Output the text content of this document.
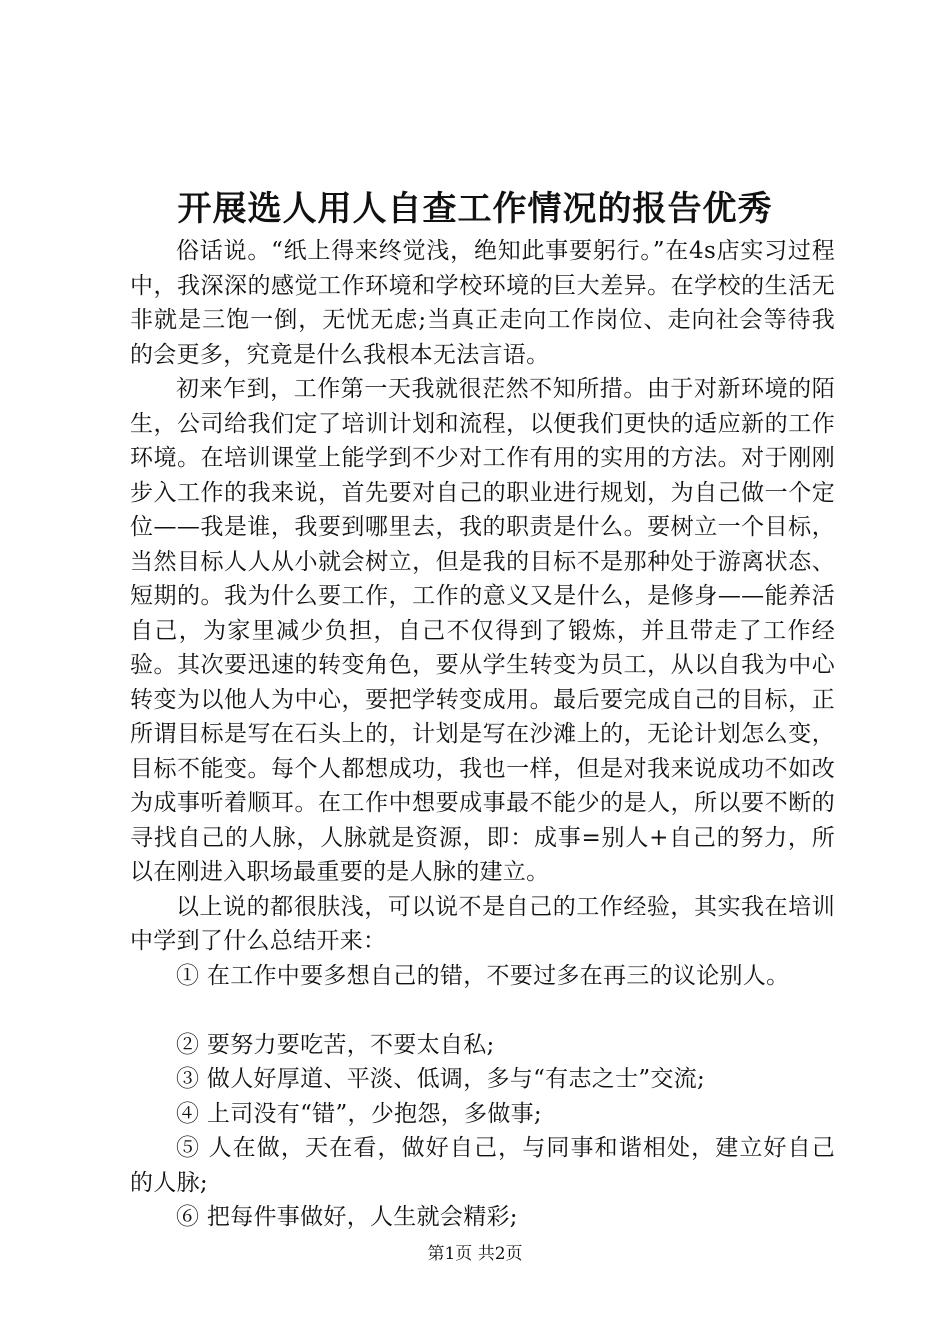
开展选人用人自查工作情况的报告优秀

俗话说。“纸上得来终觉浅，绝知此事要躬行。”在4s店实习过程中，我深深的感觉工作环境和学校环境的巨大差异。在学校的生活无非就是三饱一倒，无忧无虑;当真正走向工作岗位、走向社会等待我的会更多，究竟是什么我根本无法言语。

初来乍到，工作第一天我就很茫然不知所措。由于对新环境的陌生，公司给我们定了培训计划和流程，以便我们更快的适应新的工作环境。在培训课堂上能学到不少对工作有用的实用的方法。对于刚刚步入工作的我来说，首先要对自己的职业进行规划，为自己做一个定位——我是谁，我要到哪里去，我的职责是什么。要树立一个目标，当然目标人人从小就会树立，但是我的目标不是那种处于游离状态、短期的。我为什么要工作，工作的意义又是什么，是修身——能养活自己，为家里减少负担，自己不仅得到了锻炼，并且带走了工作经验。其次要迅速的转变角色，要从学生转变为员工，从以自我为中心转变为以他人为中心，要把学转变成用。最后要完成自己的目标，正所谓目标是写在石头上的，计划是写在沙滩上的，无论计划怎么变，目标不能变。每个人都想成功，我也一样，但是对我来说成功不如改为成事听着顺耳。在工作中想要成事最不能少的是人，所以要不断的寻找自己的人脉，人脉就是资源，即：成事=别人+自己的努力，所以在刚进入职场最重要的是人脉的建立。

以上说的都很肤浅，可以说不是自己的工作经验，其实我在培训中学到了什么总结开来：

① 在工作中要多想自己的错，不要过多在再三的议论别人。

② 要努力要吃苦，不要太自私;

③ 做人好厚道、平淡、低调，多与“有志之士”交流;

④ 上司没有“错”，少抱怨，多做事;

⑤ 人在做，天在看，做好自己，与同事和谐相处，建立好自己的人脉;

⑥ 把每件事做好，人生就会精彩;

第1页 共2页
